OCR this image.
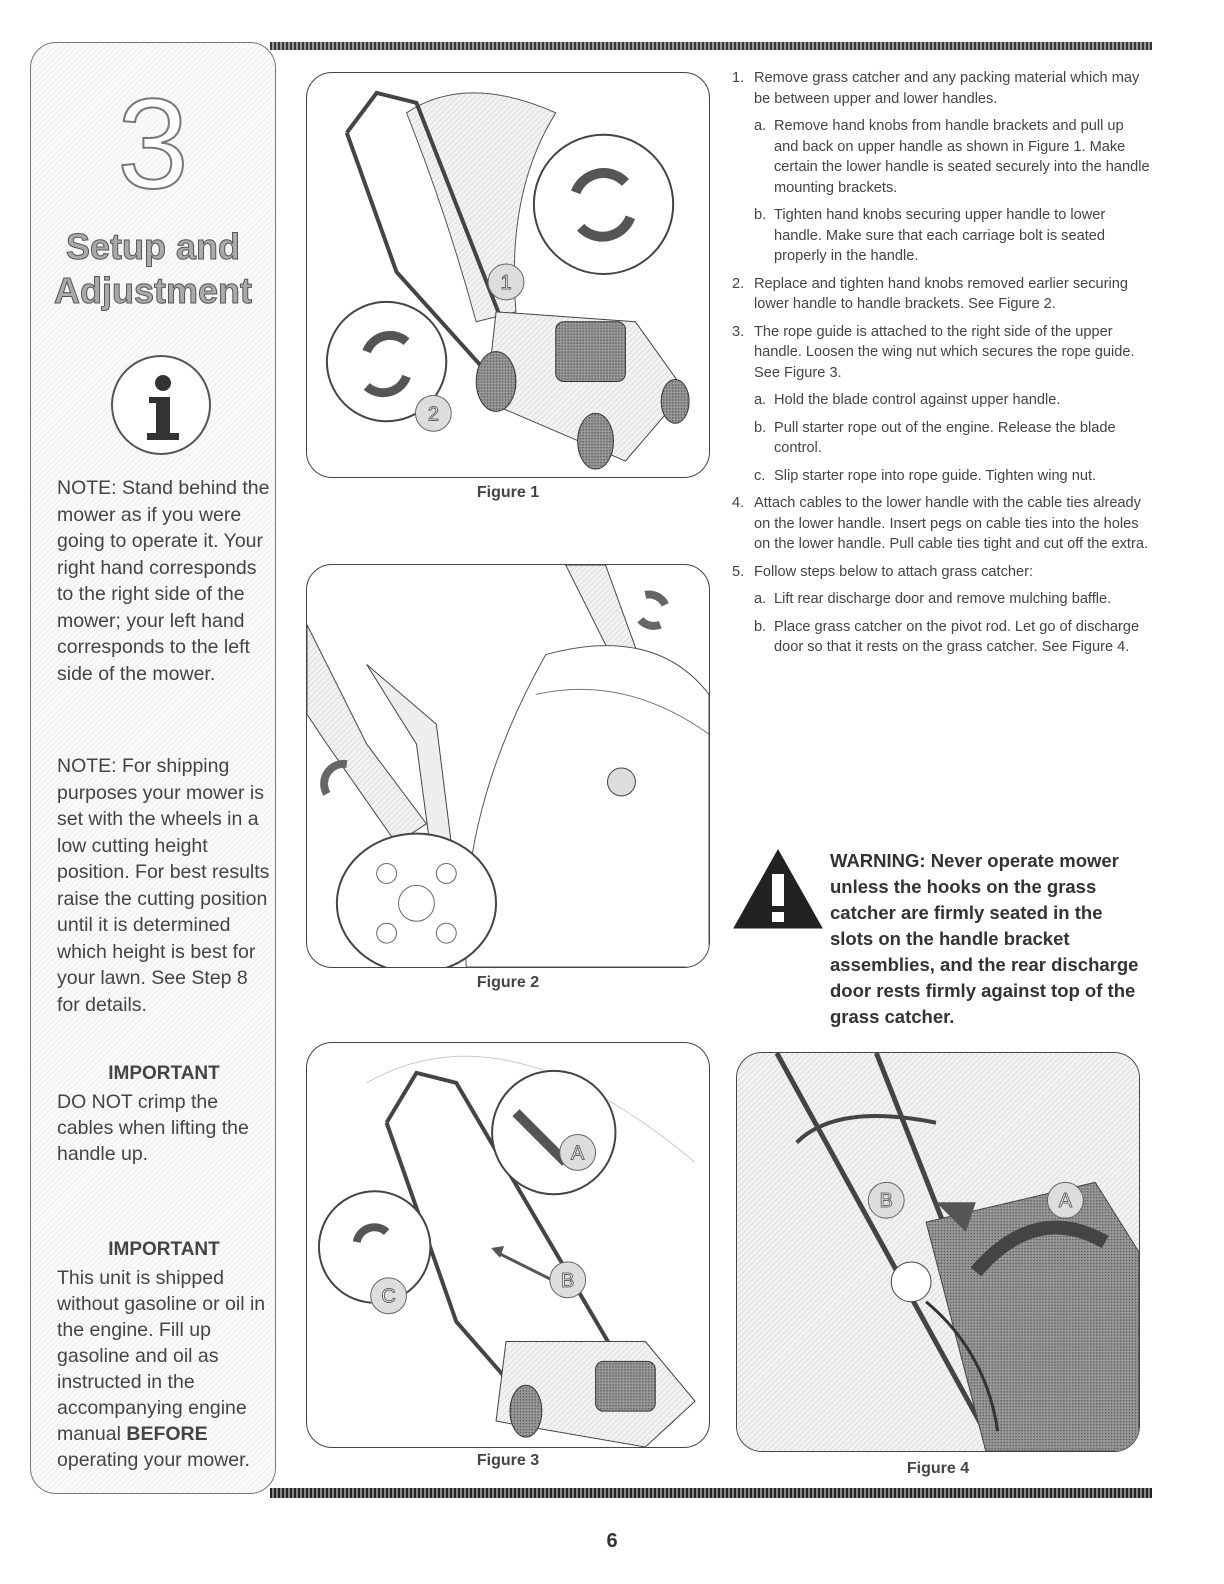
3
Setup and
Adjustment
NOTE: Stand behind the mower as if you were going to operate it. Your right hand corresponds to the right side of the mower; your left hand corresponds to the left side of the mower.
NOTE: For shipping purposes your mower is set with the wheels in a low cutting height position. For best results raise the cutting position until it is determined which height is best for your lawn. See Step 8 for details.
IMPORTANT
DO NOT crimp the cables when lifting the handle up.
IMPORTANT
This unit is shipped without gasoline or oil in the engine. Fill up gasoline and oil as instructed in the accompanying engine manual BEFORE operating your mower.
1
2
Figure 1
Figure 2
A
B
C
Figure 3
B	A
Figure 4
1. Remove grass catcher and any packing material which may be between upper and lower handles.
a. Remove hand knobs from handle brackets and pull up and back on upper handle as shown in Figure 1. Make certain the lower handle is seated securely into the handle mounting brackets.
b. Tighten hand knobs securing upper handle to lower handle. Make sure that each carriage bolt is seated properly in the handle.
2. Replace and tighten hand knobs removed earlier securing lower handle to handle brackets. See Figure 2.
3. The rope guide is attached to the right side of the upper handle. Loosen the wing nut which secures the rope guide. See Figure 3.
a. Hold the blade control against upper handle.
b. Pull starter rope out of the engine. Release the blade control.
c. Slip starter rope into rope guide. Tighten wing nut.
4. Attach cables to the lower handle with the cable ties already on the lower handle. Insert pegs on cable ties into the holes on the lower handle. Pull cable ties tight and cut off the extra.
5. Follow steps below to attach grass catcher:
a. Lift rear discharge door and remove mulching baffle.
b. Place grass catcher on the pivot rod. Let go of discharge door so that it rests on the grass catcher. See Figure 4.
WARNING: Never operate mower unless the hooks on the grass catcher are firmly seated in the slots on the handle bracket assemblies, and the rear discharge door rests firmly against top of the grass catcher.
6
